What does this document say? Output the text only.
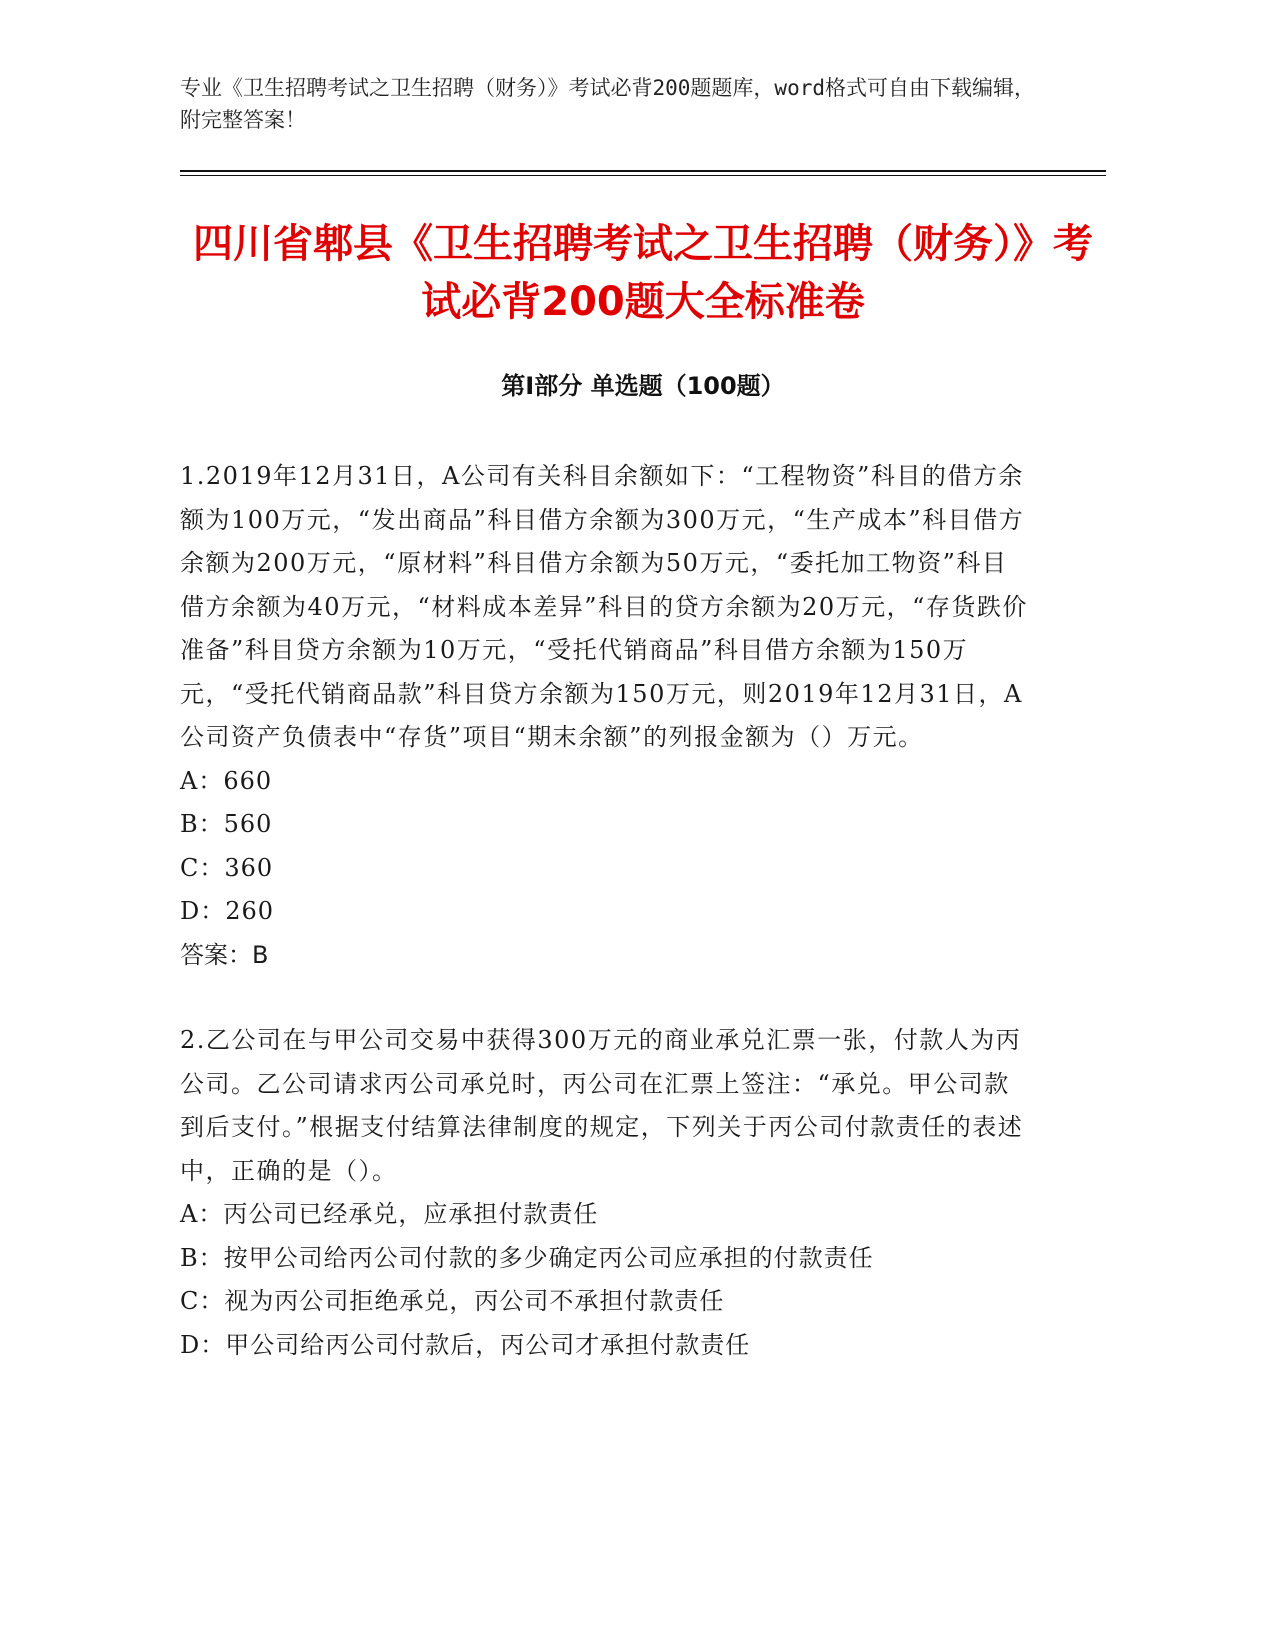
专业《卫生招聘考试之卫生招聘（财务）》考试必背200题题库，word格式可自由下载编辑，附完整答案！
四川省郫县《卫生招聘考试之卫生招聘（财务）》考试必背200题大全标准卷
第Ⅰ部分 单选题（100题）
1.2019年12月31日，A公司有关科目余额如下：“工程物资”科目的借方余额为100万元，“发出商品”科目借方余额为300万元，“生产成本”科目借方余额为200万元，“原材料”科目借方余额为50万元，“委托加工物资”科目借方余额为40万元，“材料成本差异”科目的贷方余额为20万元，“存货跌价准备”科目贷方余额为10万元，“受托代销商品”科目借方余额为150万元，“受托代销商品款”科目贷方余额为150万元，则2019年12月31日，A公司资产负债表中“存货”项目“期末余额”的列报金额为（）万元。
A：660
B：560
C：360
D：260
答案：B
2.乙公司在与甲公司交易中获得300万元的商业承兑汇票一张，付款人为丙公司。乙公司请求丙公司承兑时，丙公司在汇票上签注：“承兑。甲公司款到后支付。”根据支付结算法律制度的规定，下列关于丙公司付款责任的表述中，正确的是（）。
A：丙公司已经承兑，应承担付款责任
B：按甲公司给丙公司付款的多少确定丙公司应承担的付款责任
C：视为丙公司拒绝承兑，丙公司不承担付款责任
D：甲公司给丙公司付款后，丙公司才承担付款责任
